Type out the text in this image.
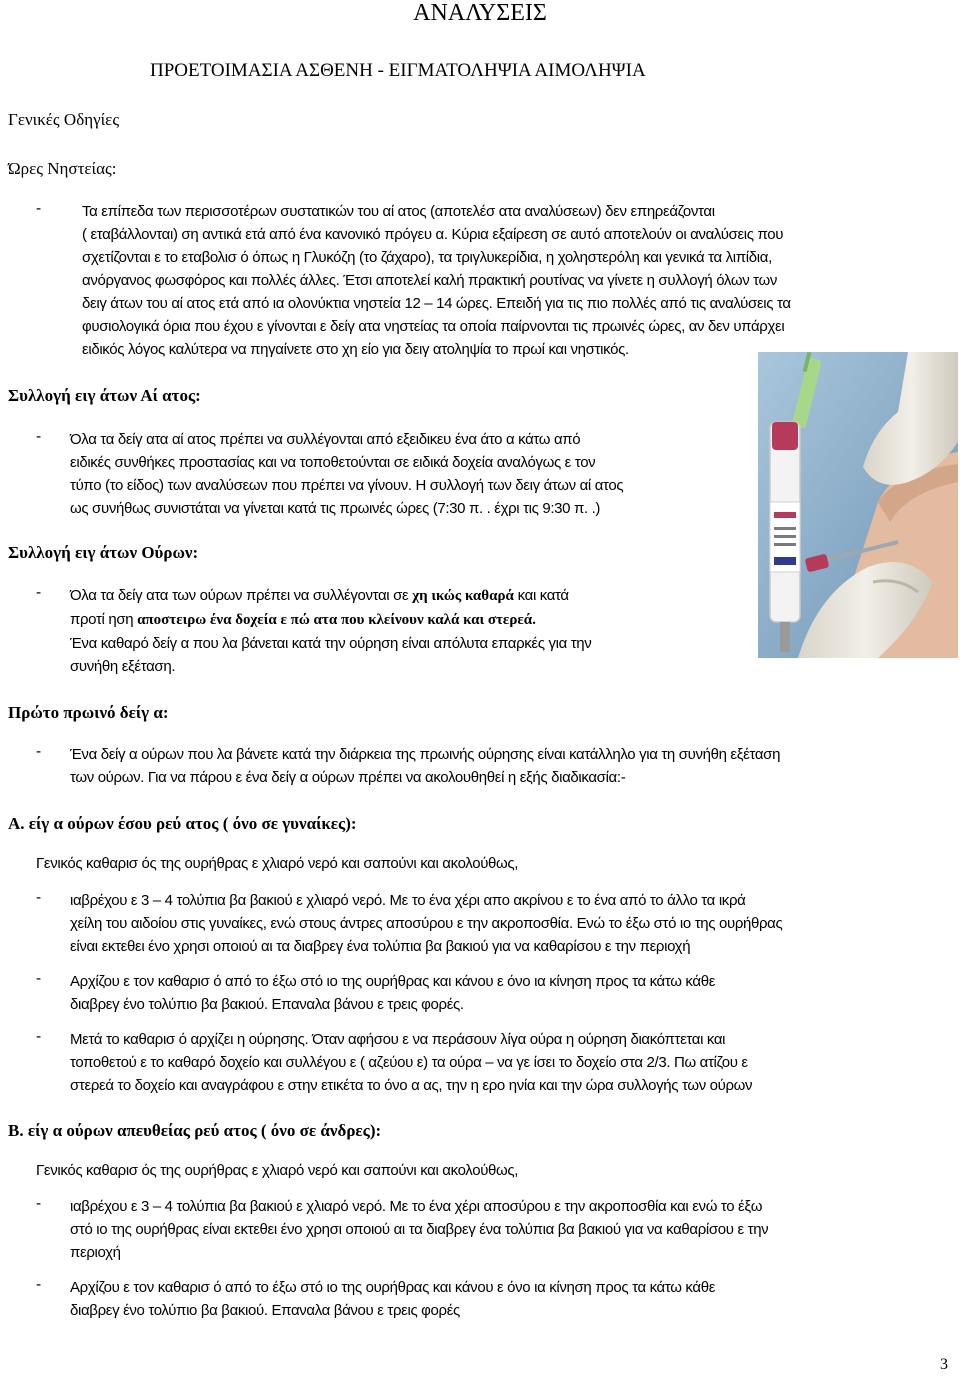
ΑΝΑΛΥΣΕΙΣ
ΠΡΟΕΤΟΙΜΑΣΙΑ ΑΣΘΕΝΗ - ΕΙΓΜΑΤΟΛΗΨΙΑ ΑΙΜΟΛΗΨΙΑ
Γενικές Οδηγίες
Ώρες Νηστείας:
-	Τα επίπεδα των περισσοτέρων συστατικών του αί ατος (αποτελέσ ατα αναλύσεων) δεν επηρεάζονται
( εταβάλλονται) ση αντικά ετά από ένα κανονικό πρόγευ α. Κύρια εξαίρεση σε αυτό αποτελούν οι αναλύσεις που
σχετίζονται ε το εταβολισ ό όπως η Γλυκόζη (το ζάχαρο), τα τριγλυκερίδια, η χοληστερόλη και γενικά τα λιπίδια,
ανόργανος φωσφόρος και πολλές άλλες. Έτσι αποτελεί καλή πρακτική ρουτίνας να γίνετε η συλλογή όλων των
δειγ άτων του αί ατος ετά από ια ολονύκτια νηστεία 12 – 14 ώρες. Επειδή για τις πιο πολλές από τις αναλύσεις τα
φυσιολογικά όρια που έχου ε γίνονται ε δείγ ατα νηστείας τα οποία παίρνονται τις πρωινές ώρες, αν δεν υπάρχει
ειδικός λόγος καλύτερα να πηγαίνετε στο χη είο για δειγ ατοληψία το πρωί και νηστικός.
Συλλογή ειγ άτων Αί ατος:
- Όλα τα δείγ ατα αί ατος πρέπει να συλλέγονται από εξειδικευ ένα άτο α κάτω από
ειδικές συνθήκες προστασίας και να τοποθετούνται σε ειδικά δοχεία αναλόγως ε τον
τύπο (το είδος) των αναλύσεων που πρέπει να γίνουν. Η συλλογή των δειγ άτων αί ατος
ως συνήθως συνιστάται να γίνεται κατά τις πρωινές ώρες (7:30 π. . έχρι τις 9:30 π. .)
Συλλογή ειγ άτων Ούρων:
- Όλα τα δείγ ατα των ούρων πρέπει να συλλέγονται σε χη ικώς καθαρά και κατά
προτί ηση αποστειρω ένα δοχεία ε πώ ατα που κλείνουν καλά και στερεά.
Ένα καθαρό δείγ α που λα βάνεται κατά την ούρηση είναι απόλυτα επαρκές για την
συνήθη εξέταση.
Πρώτο πρωινό δείγ α:
- Ένα δείγ α ούρων που λα βάνετε κατά την διάρκεια της πρωινής ούρησης είναι κατάλληλο για τη συνήθη εξέταση
των ούρων. Για να πάρου ε ένα δείγ α ούρων πρέπει να ακολουθηθεί η εξής διαδικασία:-
Α. είγ α ούρων έσου ρεύ ατος ( όνο σε γυναίκες):
Γενικός καθαρισ ός της ουρήθρας ε χλιαρό νερό και σαπούνι και ακολούθως,
- ιαβρέχου ε 3 – 4 τολύπια βα βακιού ε χλιαρό νερό. Με το ένα χέρι απο ακρίνου ε το ένα από το άλλο τα ικρά
χείλη του αιδοίου στις γυναίκες, ενώ στους άντρες αποσύρου ε την ακροποσθία. Ενώ το έξω στό ιο της ουρήθρας
είναι εκτεθει ένο χρησι οποιού αι τα διαβρεγ ένα τολύπια βα βακιού για να καθαρίσου ε την περιοχή
- Αρχίζου ε τον καθαρισ ό από το έξω στό ιο της ουρήθρας και κάνου ε όνο ια κίνηση προς τα κάτω κάθε
διαβρεγ ένο τολύπιο βα βακιού. Επαναλα βάνου ε τρεις φορές.
- Μετά το καθαρισ ό αρχίζει η ούρησης. Όταν αφήσου ε να περάσουν λίγα ούρα η ούρηση διακόπτεται και
τοποθετού ε το καθαρό δοχείο και συλλέγου ε ( αζεύου ε) τα ούρα – να γε ίσει το δοχείο στα 2/3. Πω ατίζου ε
στερεά το δοχείο και αναγράφου ε στην ετικέτα το όνο α ας, την η ερο ηνία και την ώρα συλλογής των ούρων
Β. είγ α ούρων απευθείας ρεύ ατος ( όνο σε άνδρες):
Γενικός καθαρισ ός της ουρήθρας ε χλιαρό νερό και σαπούνι και ακολούθως,
- ιαβρέχου ε 3 – 4 τολύπια βα βακιού ε χλιαρό νερό. Με το ένα χέρι αποσύρου ε την ακροποσθία και ενώ το έξω
στό ιο της ουρήθρας είναι εκτεθει ένο χρησι οποιού αι τα διαβρεγ ένα τολύπια βα βακιού για να καθαρίσου ε την
περιοχή
- Αρχίζου ε τον καθαρισ ό από το έξω στό ιο της ουρήθρας και κάνου ε όνο ια κίνηση προς τα κάτω κάθε
διαβρεγ ένο τολύπιο βα βακιού. Επαναλα βάνου ε τρεις φορές
3
